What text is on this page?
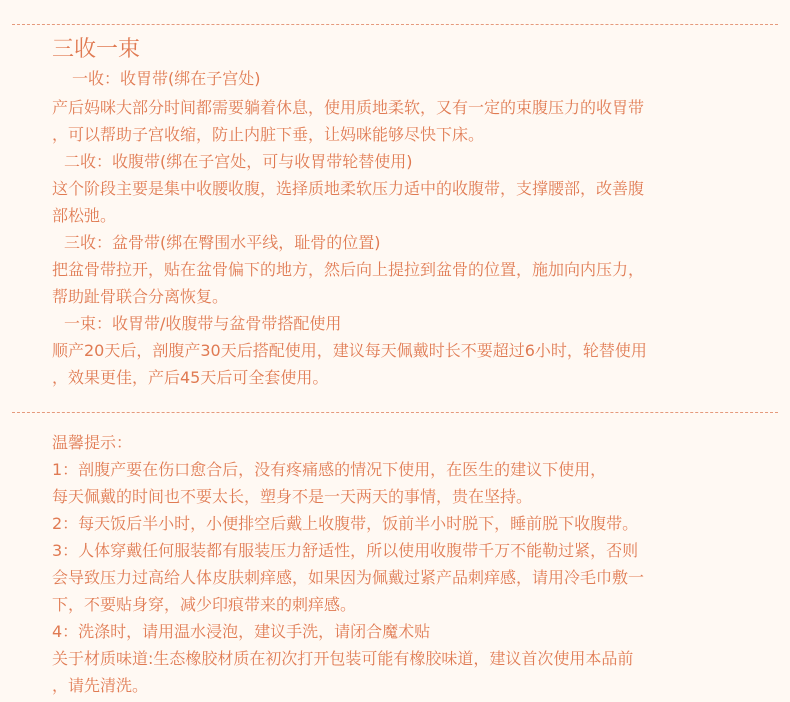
三收一束
一收：收胃带(绑在子宫处)
产后妈咪大部分时间都需要躺着休息，使用质地柔软，又有一定的束腹压力的收胃带
，可以帮助子宫收缩，防止内脏下垂，让妈咪能够尽快下床。
二收：收腹带(绑在子宫处，可与收胃带轮替使用)
这个阶段主要是集中收腰收腹，选择质地柔软压力适中的收腹带，支撑腰部，改善腹
部松弛。
三收：盆骨带(绑在臀围水平线，耻骨的位置)
把盆骨带拉开，贴在盆骨偏下的地方，然后向上提拉到盆骨的位置，施加向内压力，
帮助趾骨联合分离恢复。
一束：收胃带/收腹带与盆骨带搭配使用
顺产20天后，剖腹产30天后搭配使用，建议每天佩戴时长不要超过6小时，轮替使用
，效果更佳，产后45天后可全套使用。
温馨提示：
1：剖腹产要在伤口愈合后，没有疼痛感的情况下使用，在医生的建议下使用，
每天佩戴的时间也不要太长，塑身不是一天两天的事情，贵在坚持。
2：每天饭后半小时，小便排空后戴上收腹带，饭前半小时脱下，睡前脱下收腹带。
3：人体穿戴任何服装都有服装压力舒适性，所以使用收腹带千万不能勒过紧，否则
会导致压力过高给人体皮肤刺痒感，如果因为佩戴过紧产品刺痒感，请用冷毛巾敷一
下，不要贴身穿，减少印痕带来的刺痒感。
4：洗涤时，请用温水浸泡，建议手洗，请闭合魔术贴
关于材质味道:生态橡胶材质在初次打开包装可能有橡胶味道，建议首次使用本品前
，请先清洗。
